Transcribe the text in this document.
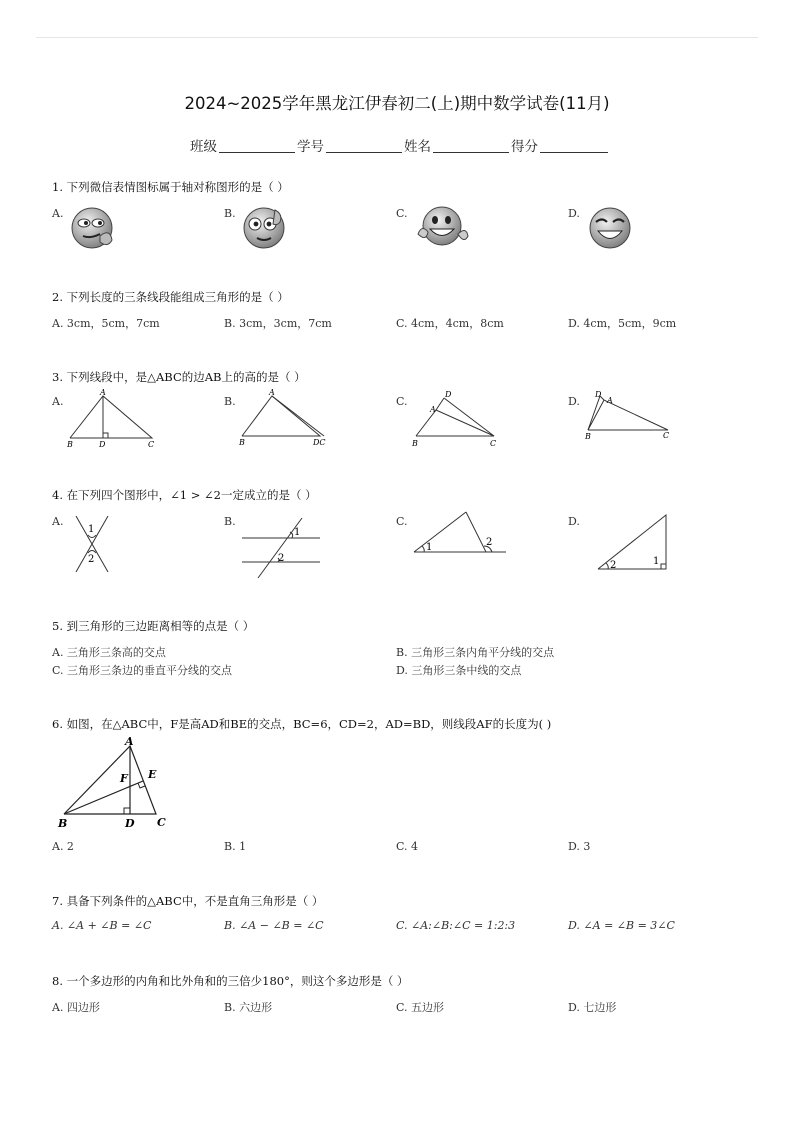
2024~2025学年黑龙江伊春初二(上)期中数学试卷(11月)
班级	学号	姓名	得分
1. 下列微信表情图标属于轴对称图形的是（ ）
A.	B.	C.	D.
2. 下列长度的三条线段能组成三角形的是（ ）
A. 3cm，5cm，7cm	B. 3cm，3cm，7cm	C. 4cm，4cm，8cm	D. 4cm，5cm，9cm
3. 下列线段中，是△ABC的边AB上的高的是（ ）
A.	B.	C.	D.
A
B	D	C
A
B	DC
D
A
B	C
D
A
B	C
4. 在下列四个图形中，∠1 > ∠2一定成立的是（ ）
A.	B.	C.	D.
1
2
1
2
1	2
2	1
5. 到三角形的三边距离相等的点是（ ）
A. 三角形三条高的交点	B. 三角形三条内角平分线的交点
C. 三角形三条边的垂直平分线的交点	D. 三角形三条中线的交点
6. 如图，在△ABC中，F是高AD和BE的交点，BC=6，CD=2，AD=BD，则线段AF的长度为( )
A
F E
B	D C
A. 2	B. 1	C. 4	D. 3
7. 具备下列条件的△ABC中，不是直角三角形是（ ）
A. ∠A + ∠B = ∠C	B. ∠A − ∠B = ∠C	C. ∠A:∠B:∠C = 1:2:3	D. ∠A = ∠B = 3∠C
8. 一个多边形的内角和比外角和的三倍少180°，则这个多边形是（ ）
A. 四边形	B. 六边形	C. 五边形	D. 七边形
